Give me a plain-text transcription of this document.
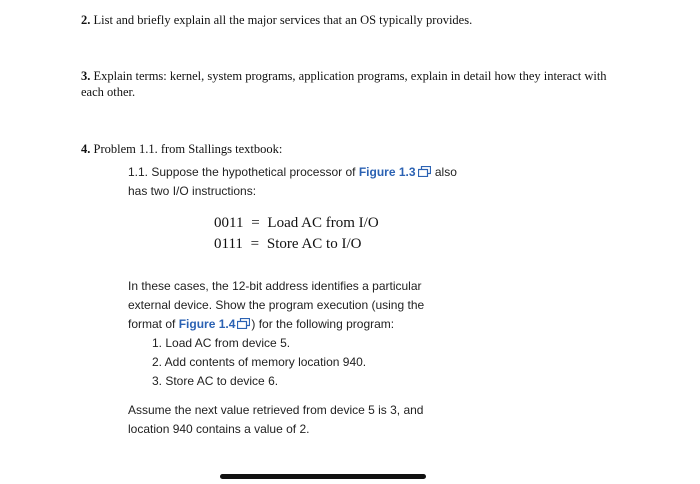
2. List and briefly explain all the major services that an OS typically provides.
3. Explain terms: kernel, system programs, application programs, explain in detail how they interact with
each other.
4. Problem 1.1. from Stallings textbook:
1.1. Suppose the hypothetical processor of Figure 1.3 also
has two I/O instructions:
0011 = Load AC from I/O
0111 = Store AC to I/O
In these cases, the 12-bit address identifies a particular
external device. Show the program execution (using the
format of Figure 1.4 ) for the following program:
1. Load AC from device 5.
2. Add contents of memory location 940.
3. Store AC to device 6.
Assume the next value retrieved from device 5 is 3, and
location 940 contains a value of 2.
